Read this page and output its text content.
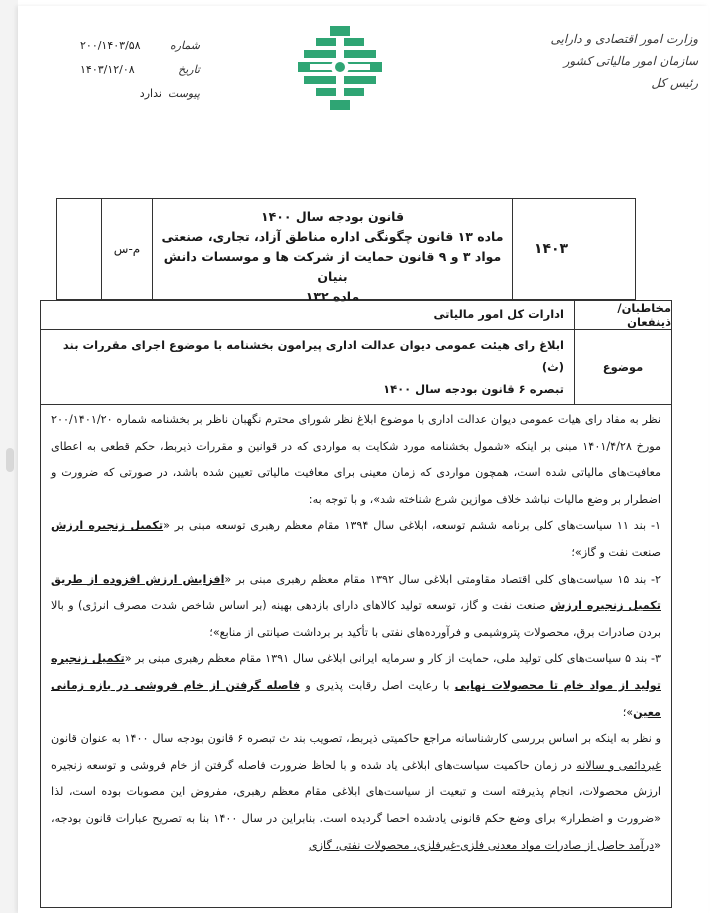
وزارت امور اقتصادی و دارایی
سازمان امور مالیاتی کشور
رئیس کل
شماره
۲۰۰/۱۴۰۳/۵۸
تاریخ
۱۴۰۳/۱۲/۰۸
پیوست
ندارد
۱۴۰۳
قانون بودجه سال ۱۴۰۰
ماده ۱۳ قانون چگونگی اداره مناطق آزاد، تجاری، صنعتی
مواد ۳ و ۹ قانون حمایت از شرکت ها و موسسات دانش بنیان
ماده ۱۳۲
م-س
مخاطبان/ ذینفعان
ادارات کل امور مالیاتی
موضوع
ابلاغ رای هیئت عمومی دیوان عدالت اداری پیرامون بخشنامه با موضوع اجرای مقررات بند (ث)
تبصره ۶ قانون بودجه سال ۱۴۰۰

نظر به مفاد رای هیات عمومی دیوان عدالت اداری با موضوع ابلاغ نظر شورای محترم نگهبان ناظر بر بخشنامه شماره ۲۰۰/۱۴۰۱/۲۰ مورخ ۱۴۰۱/۴/۲۸ مبنی بر اینکه «شمول بخشنامه مورد شکایت به مواردی که در قوانین و مقررات ذیربط، حکم قطعی به اعطای معافیت‌های مالیاتی شده است، همچون مواردی که زمان معینی برای معافیت مالیاتی تعیین شده باشد، در صورتی که ضرورت و اضطرار بر وضع مالیات نباشد خلاف موازین شرع شناخته شد»، و با توجه به:

۱- بند ۱۱ سیاست‌های کلی برنامه ششم توسعه، ابلاغی سال ۱۳۹۴ مقام معظم رهبری توسعه مبنی بر «تکمیل زنجیره ارزش صنعت نفت و گاز»؛

۲- بند ۱۵ سیاست‌های کلی اقتصاد مقاومتی ابلاغی سال ۱۳۹۲ مقام معظم رهبری مبنی بر «افزایش ارزش افزوده از طریق تکمیل زنجیره ارزش صنعت نفت و گاز، توسعه تولید کالاهای دارای بازدهی بهینه (بر اساس شاخص شدت مصرف انرژی) و بالا بردن صادرات برق، محصولات پتروشیمی و فرآورده‌های نفتی با تأکید بر برداشت صیانتی از منابع»؛

۳- بند ۵ سیاست‌های کلی تولید ملی، حمایت از کار و سرمایه ایرانی ابلاغی سال ۱۳۹۱ مقام معظم رهبری مبنی بر «تکمیل زنجیره تولید از مواد خام تا محصولات نهایی با رعایت اصل رقابت پذیری و فاصله گرفتن از خام فروشی در بازه زمانی معین»؛

و نظر به اینکه بر اساس بررسی کارشناسانه مراجع حاکمیتی ذیربط، تصویب بند ث تبصره ۶ قانون بودجه سال ۱۴۰۰ به عنوان قانون غیردائمی و سالانه در زمان حاکمیت سیاست‌های ابلاغی یاد شده و با لحاظ ضرورت فاصله گرفتن از خام فروشی و توسعه زنجیره ارزش محصولات، انجام پذیرفته است و تبعیت از سیاست‌های ابلاغی مقام معظم رهبری، مفروض این مصوبات بوده است، لذا «ضرورت و اضطرار» برای وضع حکم قانونی یادشده احصا گردیده است. بنابراین در سال ۱۴۰۰ بنا به تصریح عبارات قانون بودجه، «درآمد حاصل از صادرات مواد معدنی فلزی-غیرفلزی، محصولات نفتی، گازی
